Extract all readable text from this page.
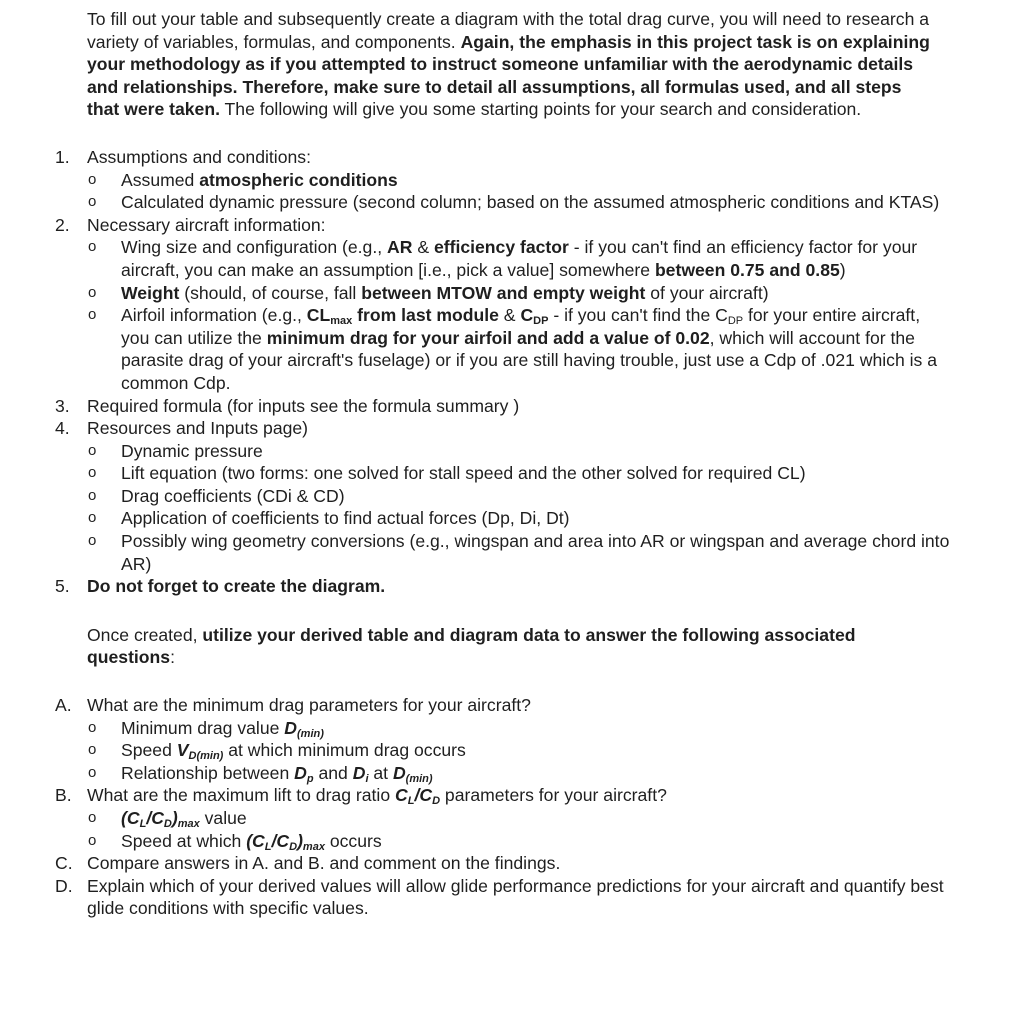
To fill out your table and subsequently create a diagram with the total drag curve, you will need to research a variety of variables, formulas, and components. Again, the emphasis in this project task is on explaining your methodology as if you attempted to instruct someone unfamiliar with the aerodynamic details and relationships. Therefore, make sure to detail all assumptions, all formulas used, and all steps that were taken. The following will give you some starting points for your search and consideration.
1. Assumptions and conditions:
o Assumed atmospheric conditions
o Calculated dynamic pressure (second column; based on the assumed atmospheric conditions and KTAS)
2. Necessary aircraft information:
o Wing size and configuration (e.g., AR & efficiency factor - if you can't find an efficiency factor for your aircraft, you can make an assumption [i.e., pick a value] somewhere between 0.75 and 0.85)
o Weight (should, of course, fall between MTOW and empty weight of your aircraft)
o Airfoil information (e.g., $CL_{max}$ from last module & $C_{DP}$ - if you can't find the $C_{DP}$ for your entire aircraft, you can utilize the minimum drag for your airfoil and add a value of 0.02, which will account for the parasite drag of your aircraft's fuselage) or if you are still having trouble, just use a Cdp of .021 which is a common Cdp.
3. Required formula (for inputs see the formula summary )
4. Resources and Inputs page)
o Dynamic pressure
o Lift equation (two forms: one solved for stall speed and the other solved for required CL)
o Drag coefficients (CDi & CD)
o Application of coefficients to find actual forces (Dp, Di, Dt)
o Possibly wing geometry conversions (e.g., wingspan and area into AR or wingspan and average chord into AR)
5. Do not forget to create the diagram.
Once created, utilize your derived table and diagram data to answer the following associated questions:
A. What are the minimum drag parameters for your aircraft?
o Minimum drag value $D_{(min)}$
o Speed $V_{D(min)}$ at which minimum drag occurs
o Relationship between $D_p$ and $D_i$ at $D_{(min)}$
B. What are the maximum lift to drag ratio $C_L/C_D$ parameters for your aircraft?
o $(C_L/C_D)_{max}$ value
o Speed at which $(C_L/C_D)_{max}$ occurs
C. Compare answers in A. and B. and comment on the findings.
D. Explain which of your derived values will allow glide performance predictions for your aircraft and quantify best glide conditions with specific values.
